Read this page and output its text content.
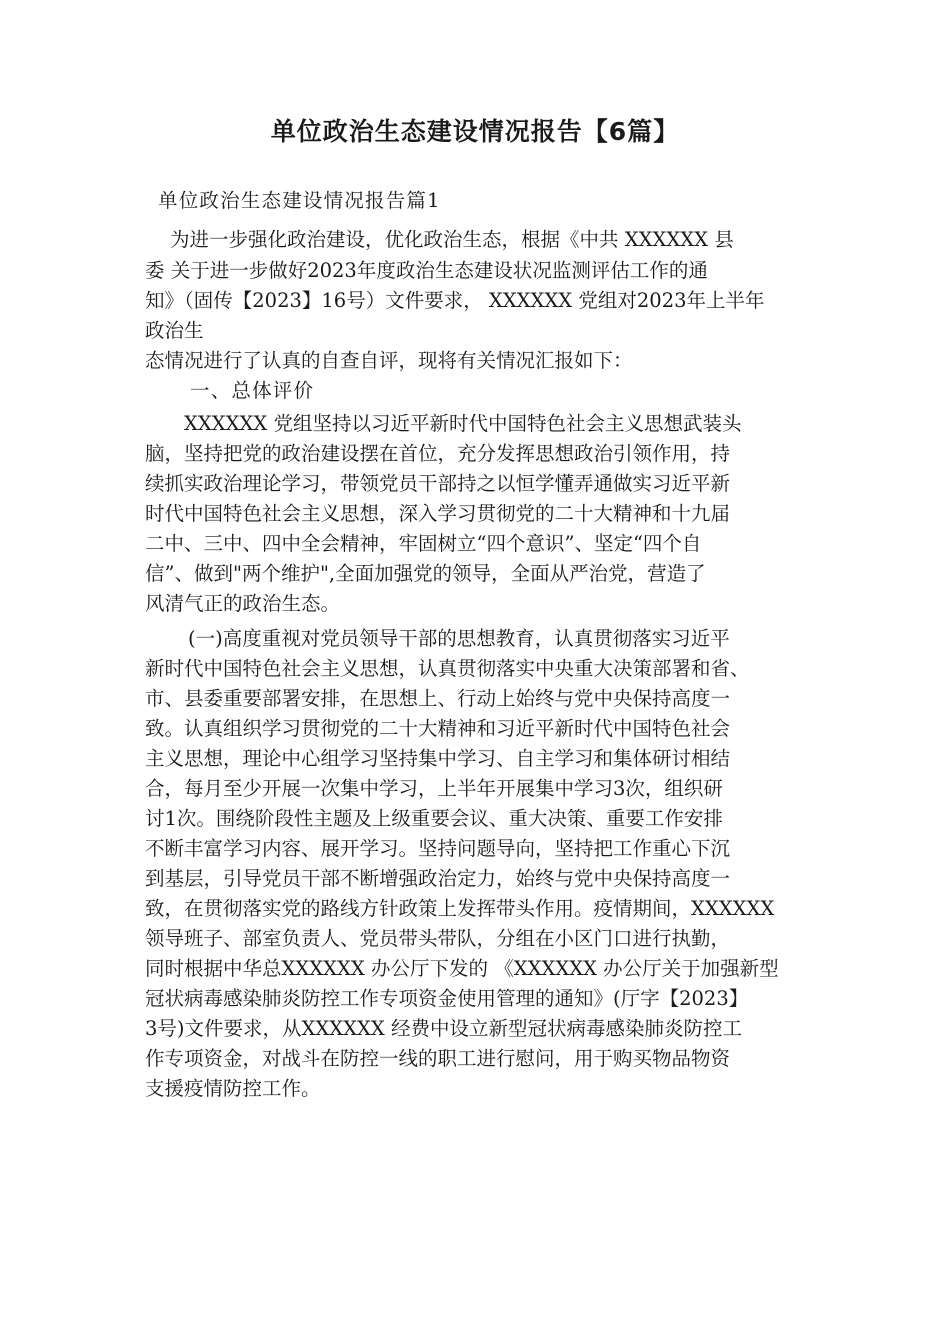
单位政治生态建设情况报告【6篇】

单位政治生态建设情况报告篇1

为进一步强化政治建设，优化政治生态，根据《中共 XXXXXX 县

委 关于进一步做好2023年度政治生态建设状况监测评估工作的通

知》（固传【2023】16号）文件要求， XXXXXX 党组对2023年上半年

政治生

态情况进行了认真的自查自评，现将有关情况汇报如下：

一、总体评价

XXXXXX 党组坚持以习近平新时代中国特色社会主义思想武装头

脑，坚持把党的政治建设摆在首位，充分发挥思想政治引领作用，持

续抓实政治理论学习，带领党员干部持之以恒学懂弄通做实习近平新

时代中国特色社会主义思想，深入学习贯彻党的二十大精神和十九届

二中、三中、四中全会精神，牢固树立“四个意识”、坚定“四个自

信”、做到"两个维护",全面加强党的领导，全面从严治党，营造了

风清气正的政治生态。

(一)高度重视对党员领导干部的思想教育，认真贯彻落实习近平

新时代中国特色社会主义思想，认真贯彻落实中央重大决策部署和省、

市、县委重要部署安排，在思想上、行动上始终与党中央保持高度一

致。认真组织学习贯彻党的二十大精神和习近平新时代中国特色社会

主义思想，理论中心组学习坚持集中学习、自主学习和集体研讨相结

合，每月至少开展一次集中学习，上半年开展集中学习3次，组织研

讨1次。围绕阶段性主题及上级重要会议、重大决策、重要工作安排

不断丰富学习内容、展开学习。坚持问题导向，坚持把工作重心下沉

到基层，引导党员干部不断增强政治定力，始终与党中央保持高度一

致，在贯彻落实党的路线方针政策上发挥带头作用。疫情期间，XXXXXX

领导班子、部室负责人、党员带头带队，分组在小区门口进行执勤，

同时根据中华总XXXXXX 办公厅下发的 《XXXXXX 办公厅关于加强新型

冠状病毒感染肺炎防控工作专项资金使用管理的通知》(厅字【2023】

3号)文件要求，从XXXXXX 经费中设立新型冠状病毒感染肺炎防控工

作专项资金，对战斗在防控一线的职工进行慰问，用于购买物品物资

支援疫情防控工作。
